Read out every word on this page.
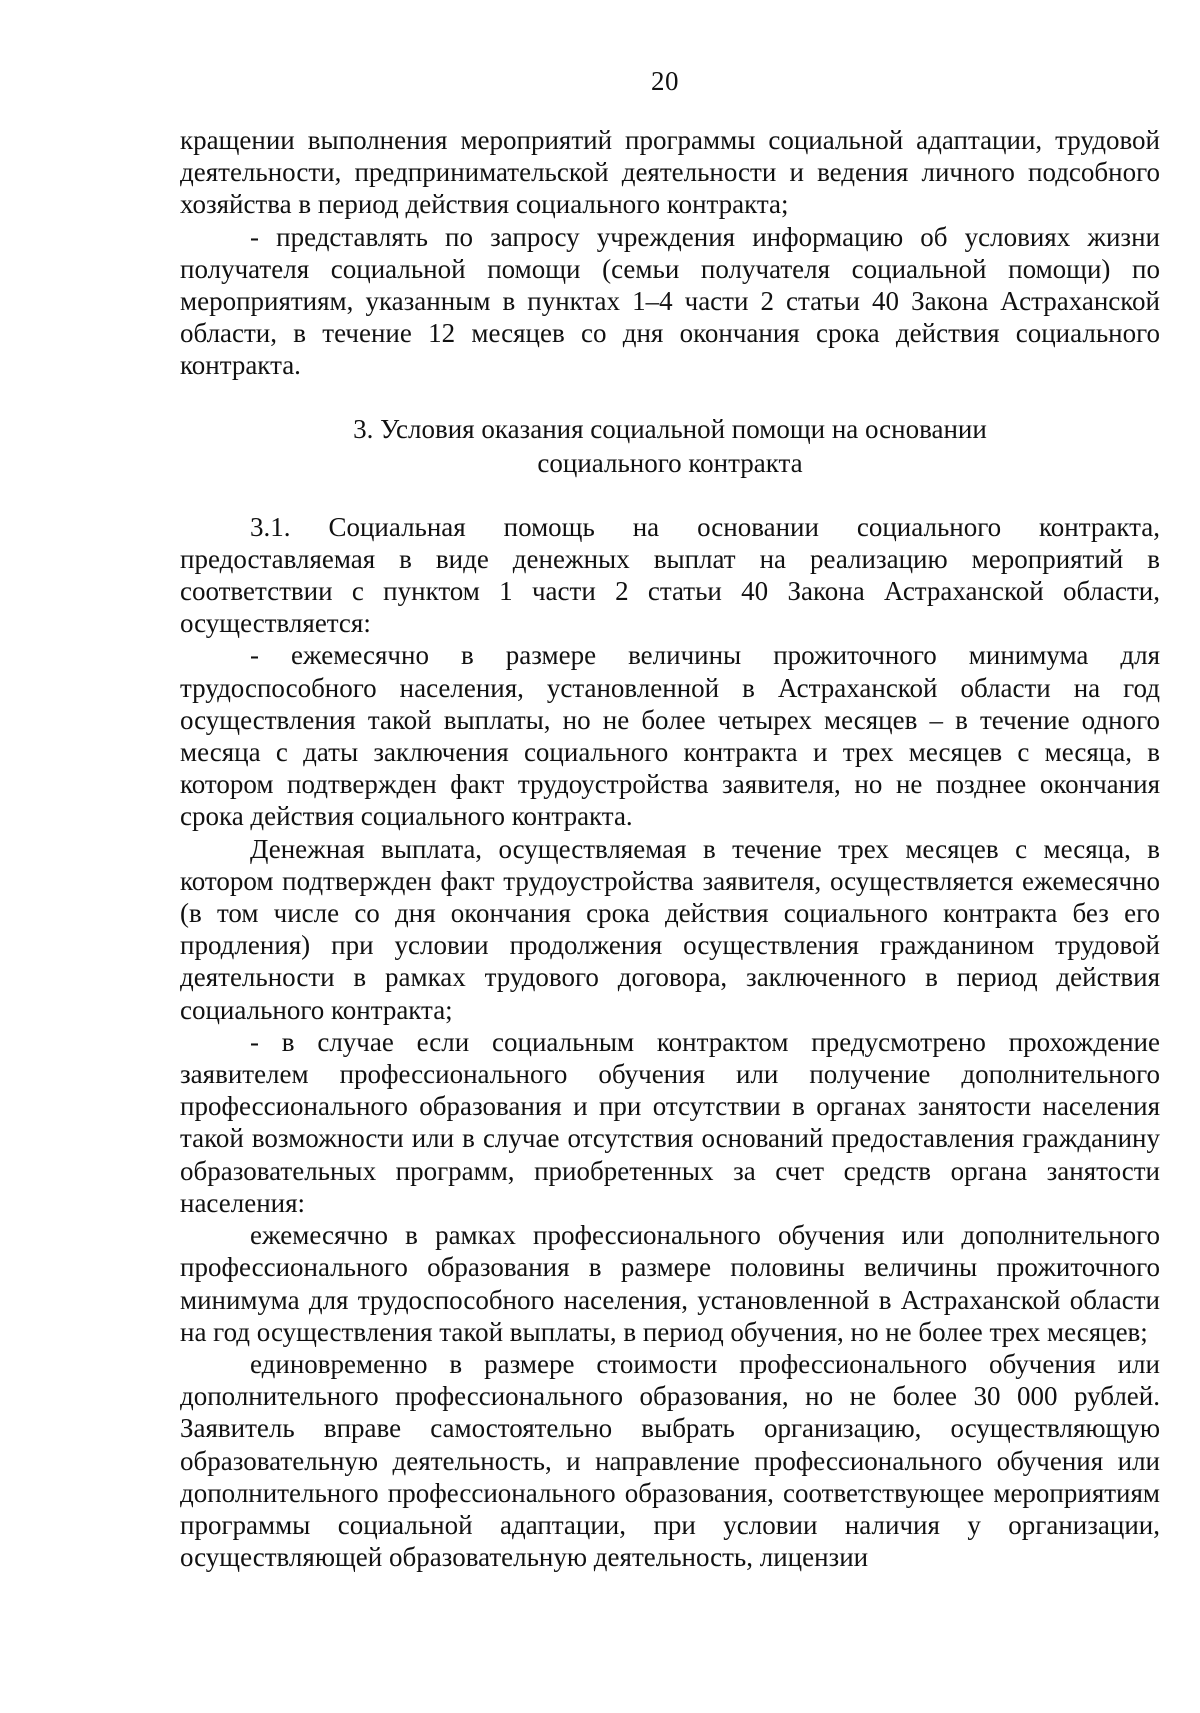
20

кращении выполнения мероприятий программы социальной адаптации, трудовой деятельности, предпринимательской деятельности и ведения личного подсобного хозяйства в период действия социального контракта;

- представлять по запросу учреждения информацию об условиях жизни получателя социальной помощи (семьи получателя социальной помощи) по мероприятиям, указанным в пунктах 1–4 части 2 статьи 40 Закона Астраханской области, в течение 12 месяцев со дня окончания срока действия социального контракта.

3. Условия оказания социальной помощи на основании
социального контракта

3.1. Социальная помощь на основании социального контракта, предоставляемая в виде денежных выплат на реализацию мероприятий в соответствии с пунктом 1 части 2 статьи 40 Закона Астраханской области, осуществляется:

- ежемесячно в размере величины прожиточного минимума для трудоспособного населения, установленной в Астраханской области на год осуществления такой выплаты, но не более четырех месяцев – в течение одного месяца с даты заключения социального контракта и трех месяцев с месяца, в котором подтвержден факт трудоустройства заявителя, но не позднее окончания срока действия социального контракта.

Денежная выплата, осуществляемая в течение трех месяцев с месяца, в котором подтвержден факт трудоустройства заявителя, осуществляется ежемесячно (в том числе со дня окончания срока действия социального контракта без его продления) при условии продолжения осуществления гражданином трудовой деятельности в рамках трудового договора, заключенного в период действия социального контракта;

- в случае если социальным контрактом предусмотрено прохождение заявителем профессионального обучения или получение дополнительного профессионального образования и при отсутствии в органах занятости населения такой возможности или в случае отсутствия оснований предоставления гражданину образовательных программ, приобретенных за счет средств органа занятости населения:

ежемесячно в рамках профессионального обучения или дополнительного профессионального образования в размере половины величины прожиточного минимума для трудоспособного населения, установленной в Астраханской области на год осуществления такой выплаты, в период обучения, но не более трех месяцев;

единовременно в размере стоимости профессионального обучения или дополнительного профессионального образования, но не более 30 000 рублей. Заявитель вправе самостоятельно выбрать организацию, осуществляющую образовательную деятельность, и направление профессионального обучения или дополнительного профессионального образования, соответствующее мероприятиям программы социальной адаптации, при условии наличия у организации, осуществляющей образовательную деятельность, лицензии
